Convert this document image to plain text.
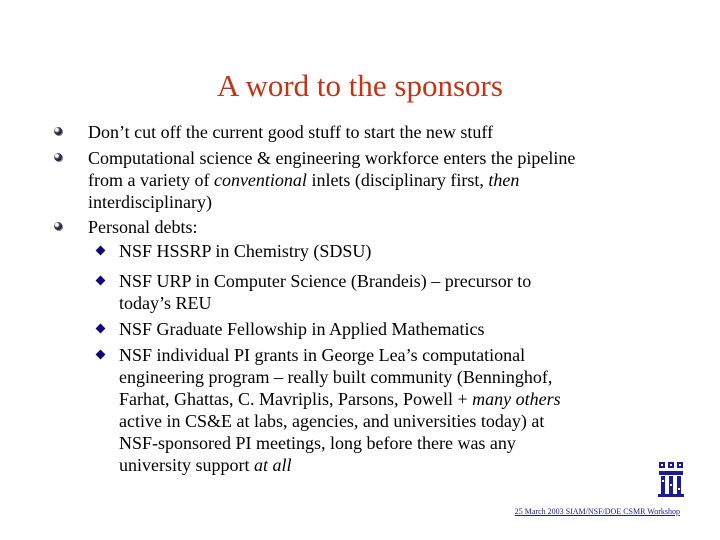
A word to the sponsors
Don’t cut off the current good stuff to start the new stuff
Computational science & engineering workforce enters the pipeline
from a variety of conventional inlets (disciplinary first, then
interdisciplinary)
Personal debts:
NSF HSSRP in Chemistry (SDSU)
NSF URP in Computer Science (Brandeis) – precursor to
today’s REU
NSF Graduate Fellowship in Applied Mathematics
NSF individual PI grants in George Lea’s computational
engineering program – really built community (Benninghof,
Farhat, Ghattas, C. Mavriplis, Parsons, Powell + many others
active in CS&E at labs, agencies, and universities today) at
NSF-sponsored PI meetings, long before there was any
university support at all
25 March 2003 SIAM/NSF/DOE CSMR Workshop
